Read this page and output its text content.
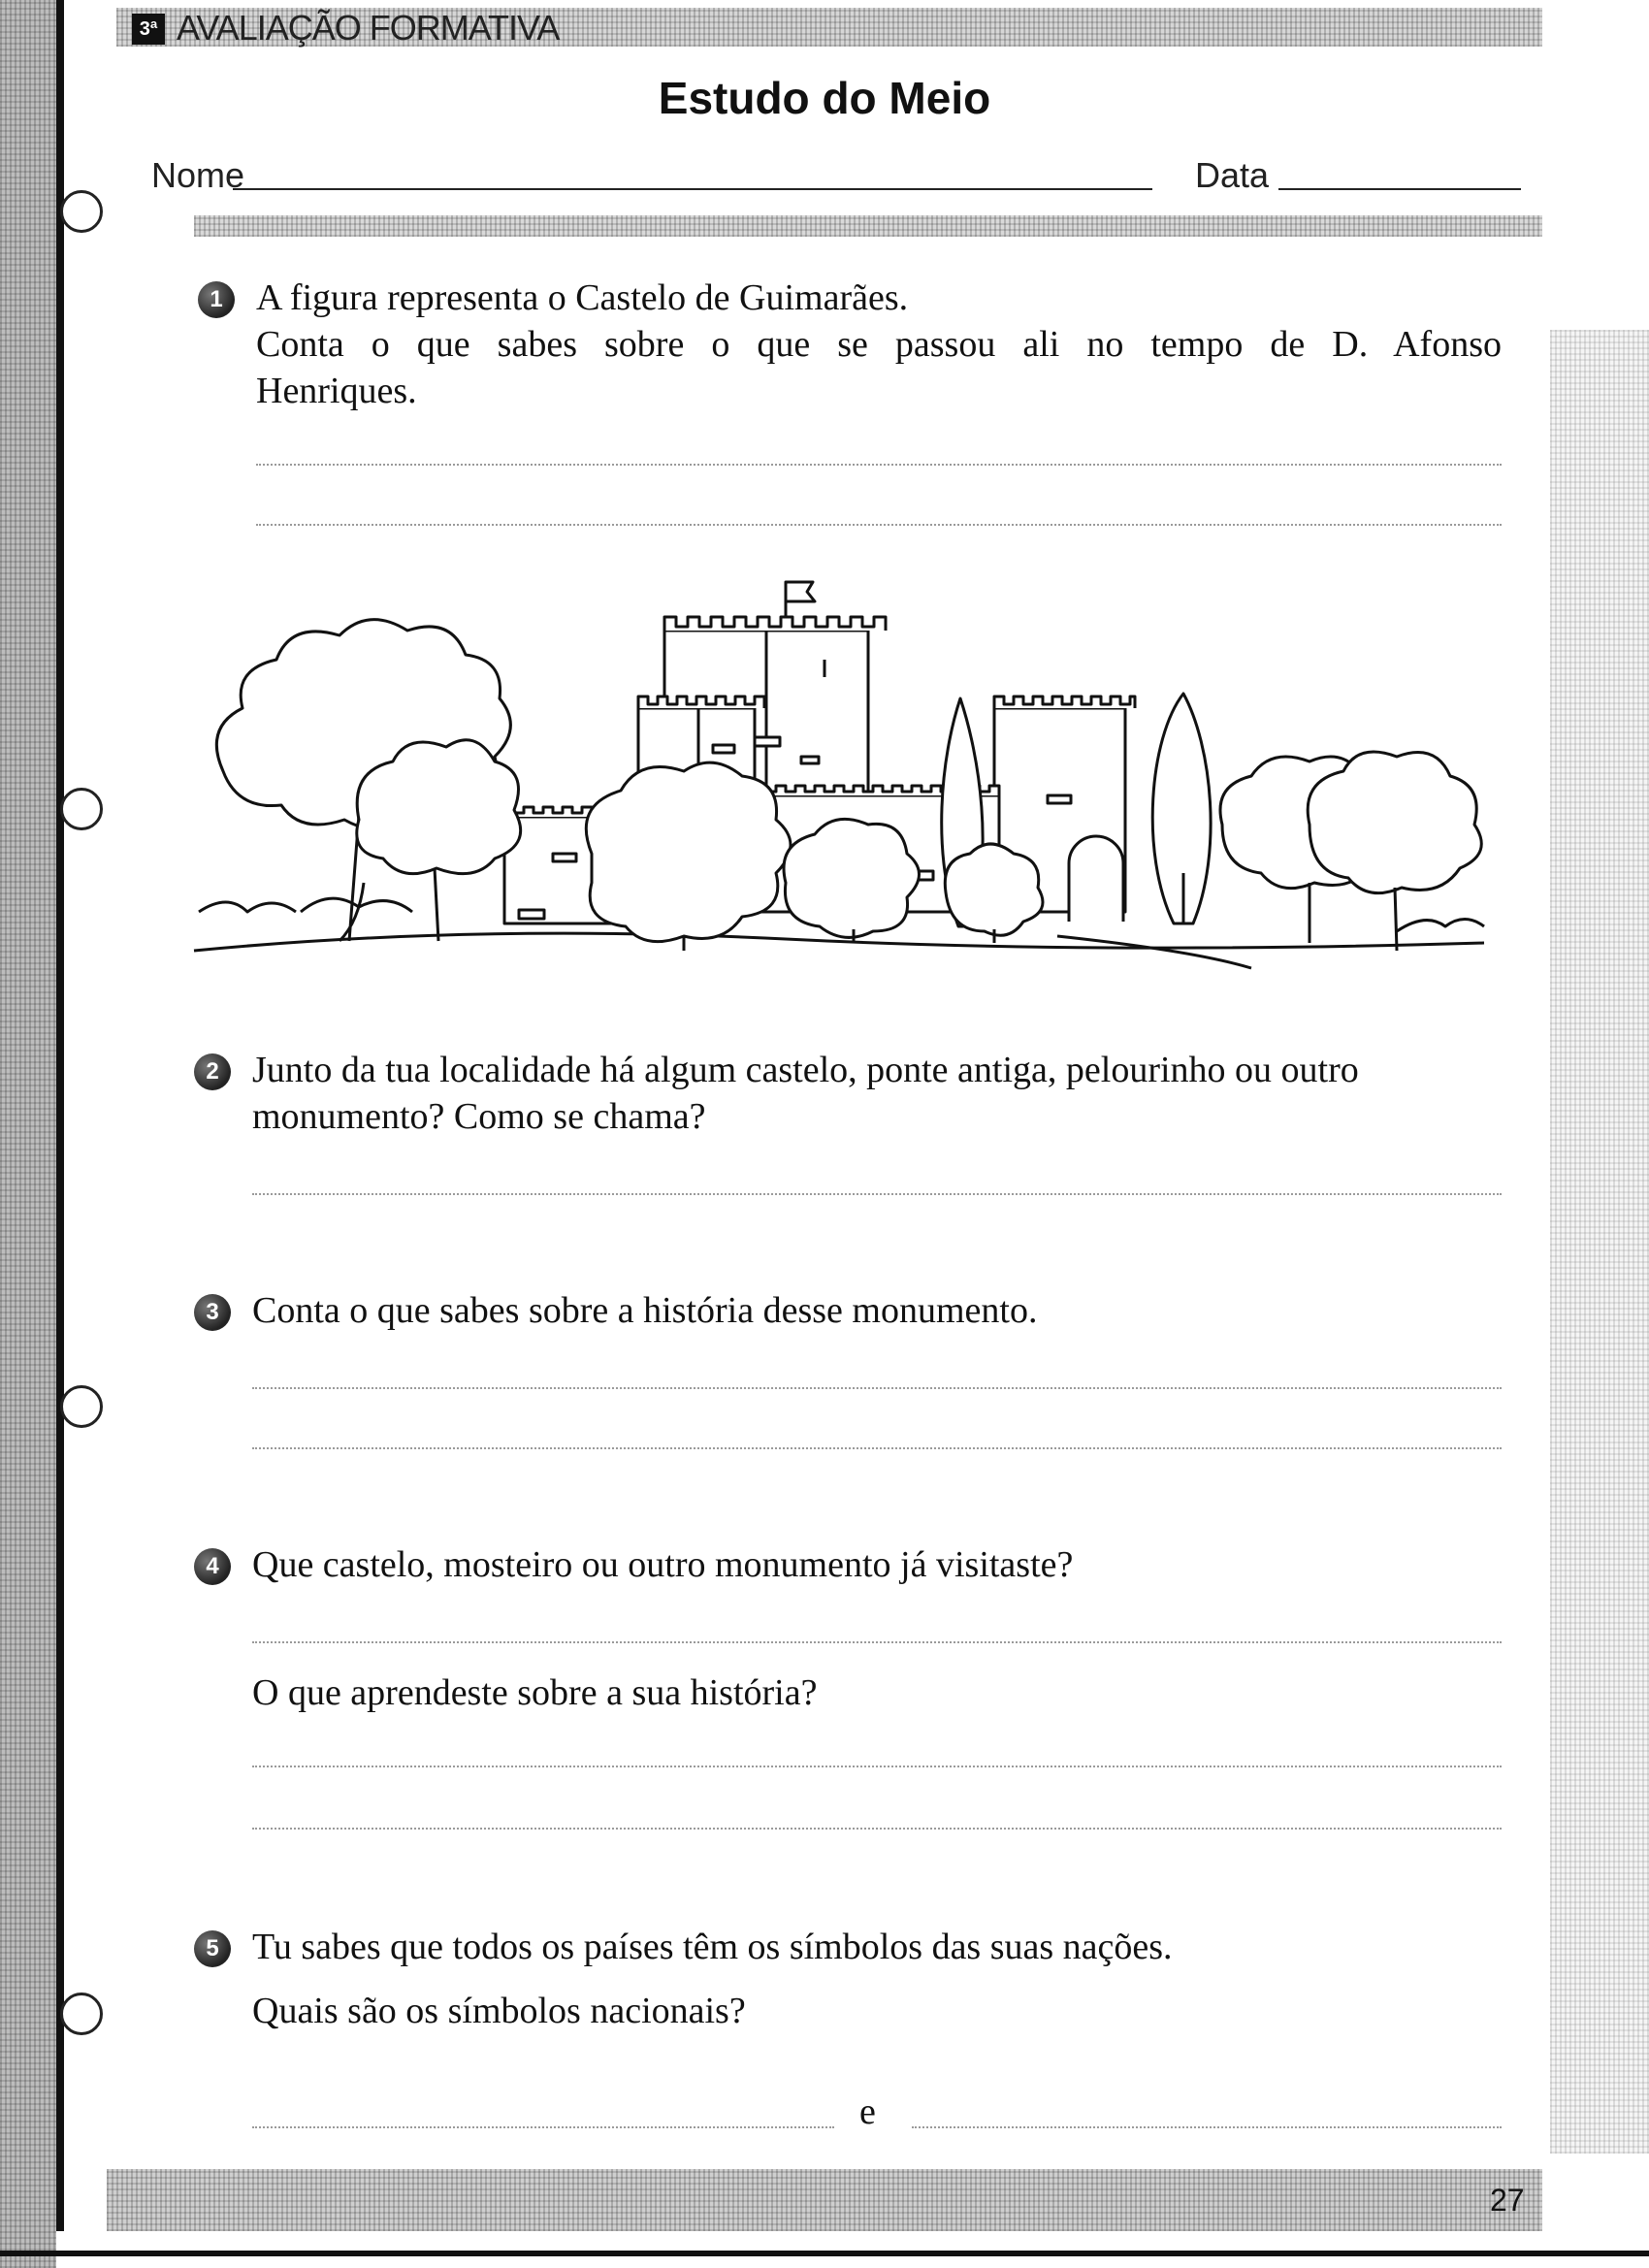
3ª AVALIAÇÃO FORMATIVA
Estudo do Meio
Nome	Data
1 A figura representa o Castelo de Guimarães.
Conta o que sabes sobre o que se passou ali no tempo de D. Afonso
Henriques.
2 Junto da tua localidade há algum castelo, ponte antiga, pelourinho ou outro
monumento? Como se chama?
3 Conta o que sabes sobre a história desse monumento.
4 Que castelo, mosteiro ou outro monumento já visitaste?
O que aprendeste sobre a sua história?
5 Tu sabes que todos os países têm os símbolos das suas nações.
Quais são os símbolos nacionais?
e
27
